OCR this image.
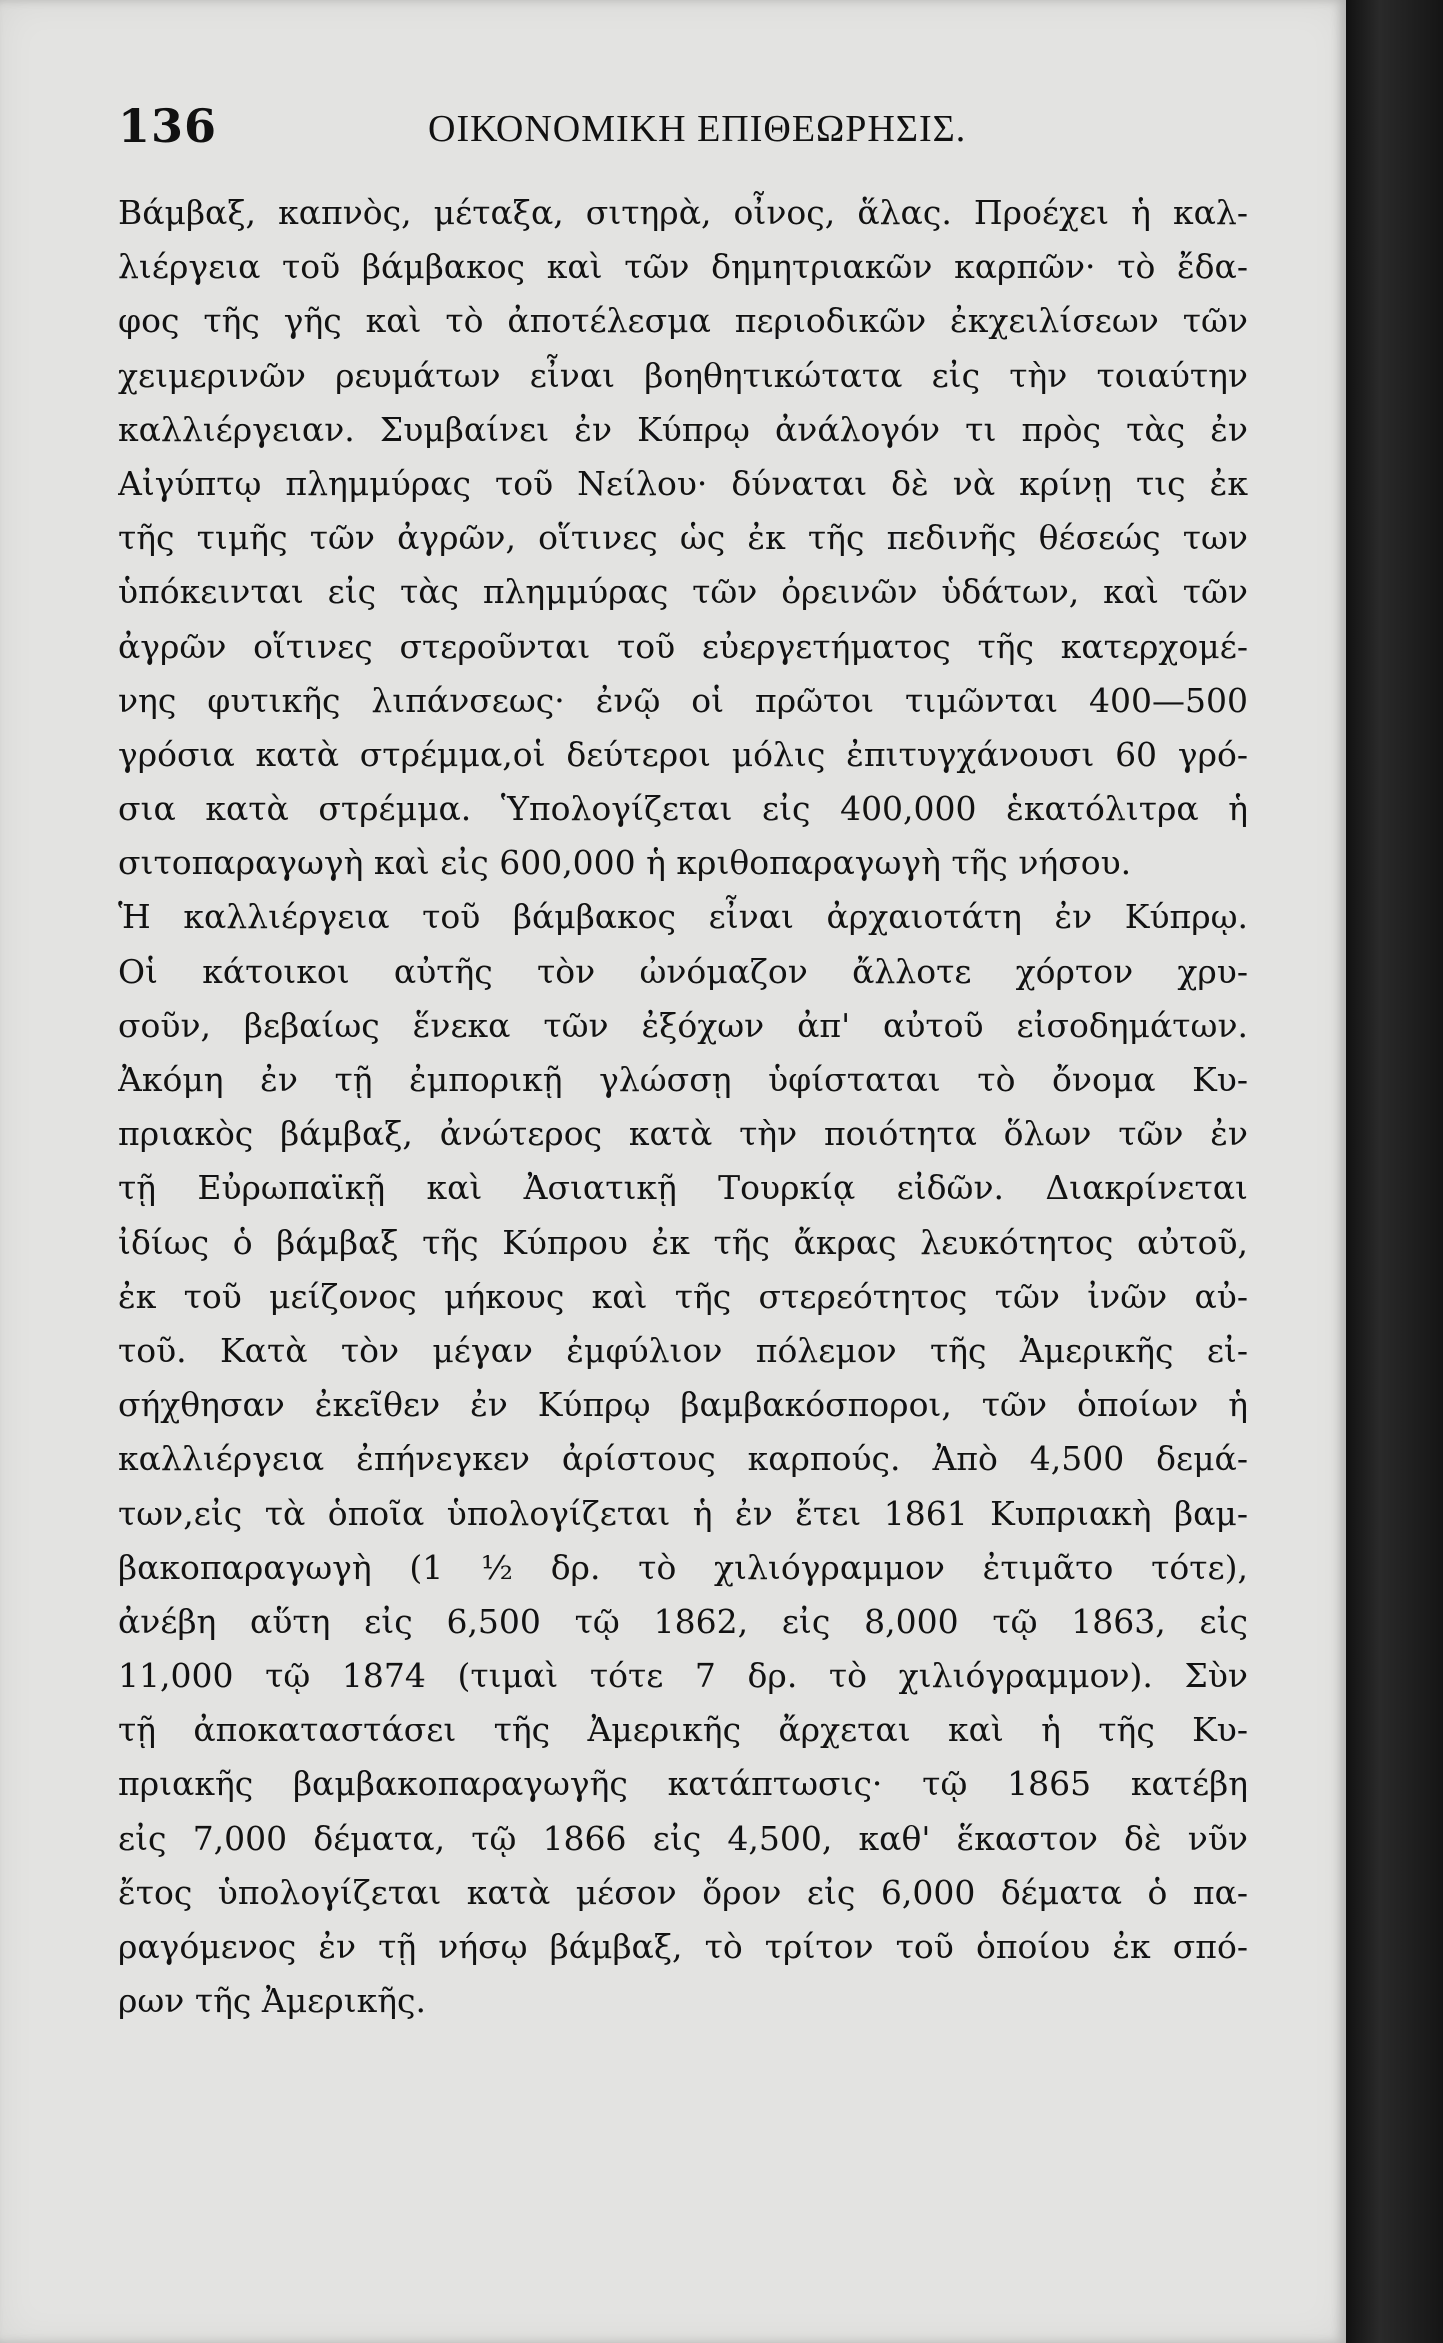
136	ΟΙΚΟΝΟΜΙΚΗ ΕΠΙΘΕΩΡΗΣΙΣ.
Βάμβαξ, καπνὸς, μέταξα, σιτηρὰ, οἶνος, ἅλας. Προέχει ἡ καλ-
λιέργεια τοῦ βάμβακος καὶ τῶν δημητριακῶν καρπῶν· τὸ ἔδα-
φος τῆς γῆς καὶ τὸ ἀποτέλεσμα περιοδικῶν ἐκχειλίσεων τῶν
χειμερινῶν ρευμάτων εἶναι βοηθητικώτατα εἰς τὴν τοιαύτην
καλλιέργειαν. Συμβαίνει ἐν Κύπρῳ ἀνάλογόν τι πρὸς τὰς ἐν
Αἰγύπτῳ πλημμύρας τοῦ Νείλου· δύναται δὲ νὰ κρίνῃ τις ἐκ
τῆς τιμῆς τῶν ἀγρῶν, οἵτινες ὡς ἐκ τῆς πεδινῆς θέσεώς των
ὑπόκεινται εἰς τὰς πλημμύρας τῶν ὀρεινῶν ὑδάτων, καὶ τῶν
ἀγρῶν οἵτινες στεροῦνται τοῦ εὐεργετήματος τῆς κατερχομέ-
νης φυτικῆς λιπάνσεως· ἐνῷ οἱ πρῶτοι τιμῶνται 400—500
γρόσια κατὰ στρέμμα,οἱ δεύτεροι μόλις ἐπιτυγχάνουσι 60 γρό-
σια κατὰ στρέμμα. Ὑπολογίζεται εἰς 400,000 ἑκατόλιτρα ἡ
σιτοπαραγωγὴ καὶ εἰς 600,000 ἡ κριθοπαραγωγὴ τῆς νήσου.
Ἡ καλλιέργεια τοῦ βάμβακος εἶναι ἀρχαιοτάτη ἐν Κύπρῳ.
Οἱ κάτοικοι αὐτῆς τὸν ὠνόμαζον ἄλλοτε χόρτον χρυ-
σοῦν, βεβαίως ἕνεκα τῶν ἐξόχων ἀπ' αὐτοῦ εἰσοδημάτων.
Ἀκόμη ἐν τῇ ἐμπορικῇ γλώσσῃ ὑφίσταται τὸ ὄνομα Κυ-
πριακὸς βάμβαξ, ἀνώτερος κατὰ τὴν ποιότητα ὅλων τῶν ἐν
τῇ Εὐρωπαϊκῇ καὶ Ἀσιατικῇ Τουρκίᾳ εἰδῶν. Διακρίνεται
ἰδίως ὁ βάμβαξ τῆς Κύπρου ἐκ τῆς ἄκρας λευκότητος αὐτοῦ,
ἐκ τοῦ μείζονος μήκους καὶ τῆς στερεότητος τῶν ἰνῶν αὐ-
τοῦ. Κατὰ τὸν μέγαν ἐμφύλιον πόλεμον τῆς Ἀμερικῆς εἰ-
σήχθησαν ἐκεῖθεν ἐν Κύπρῳ βαμβακόσποροι, τῶν ὁποίων ἡ
καλλιέργεια ἐπήνεγκεν ἀρίστους καρπούς. Ἀπὸ 4,500 δεμά-
των,εἰς τὰ ὁποῖα ὑπολογίζεται ἡ ἐν ἔτει 1861 Κυπριακὴ βαμ-
βακοπαραγωγὴ (1 ½ δρ. τὸ χιλιόγραμμον ἐτιμᾶτο τότε),
ἀνέβη αὕτη εἰς 6,500 τῷ 1862, εἰς 8,000 τῷ 1863, εἰς
11,000 τῷ 1874 (τιμαὶ τότε 7 δρ. τὸ χιλιόγραμμον). Σὺν
τῇ ἀποκαταστάσει τῆς Ἀμερικῆς ἄρχεται καὶ ἡ τῆς Κυ-
πριακῆς βαμβακοπαραγωγῆς κατάπτωσις· τῷ 1865 κατέβη
εἰς 7,000 δέματα, τῷ 1866 εἰς 4,500, καθ' ἕκαστον δὲ νῦν
ἔτος ὑπολογίζεται κατὰ μέσον ὅρον εἰς 6,000 δέματα ὁ πα-
ραγόμενος ἐν τῇ νήσῳ βάμβαξ, τὸ τρίτον τοῦ ὁποίου ἐκ σπό-
ρων τῆς Ἀμερικῆς.
